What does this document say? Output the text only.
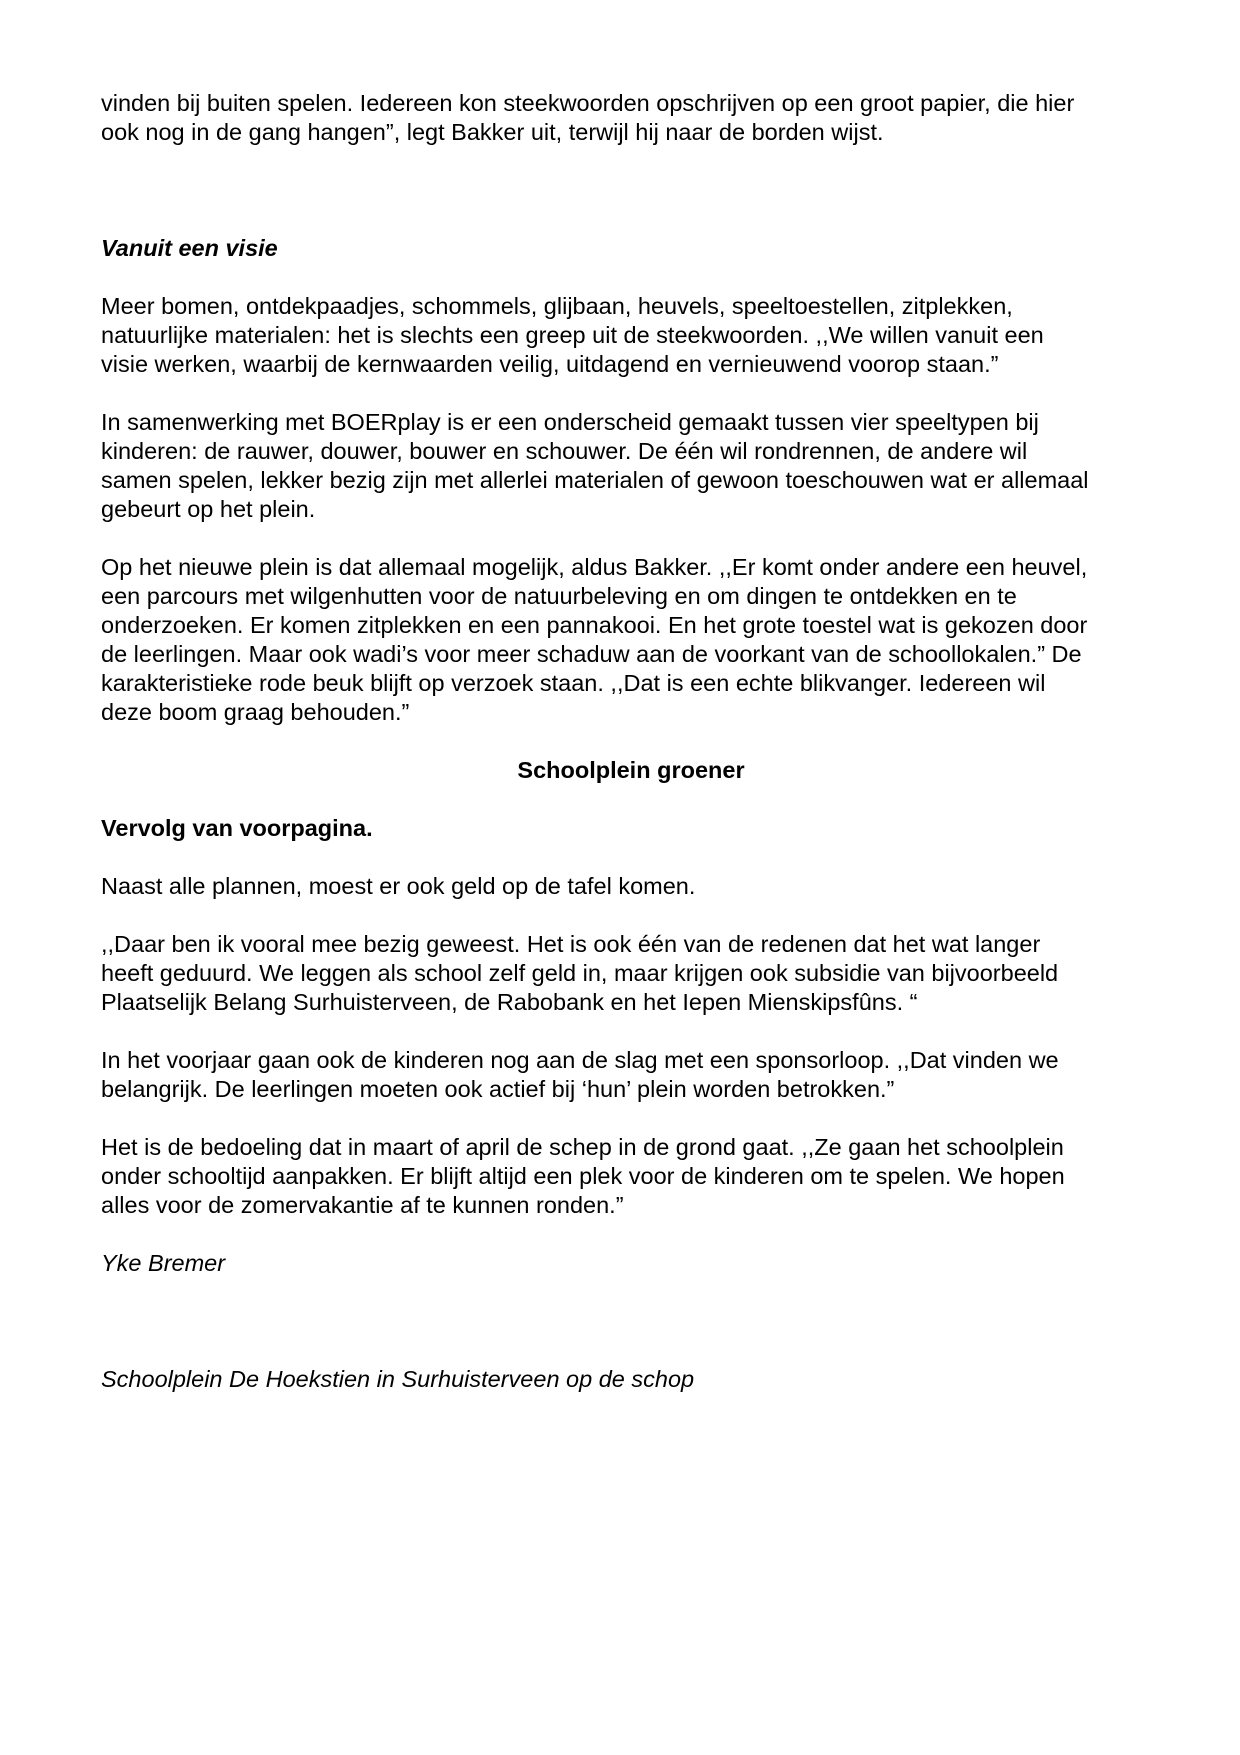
vinden bij buiten spelen. Iedereen kon steekwoorden opschrijven op een groot papier, die hier
ook nog in de gang hangen”, legt Bakker uit, terwijl hij naar de borden wijst.

Vanuit een visie

Meer bomen, ontdekpaadjes, schommels, glijbaan, heuvels, speeltoestellen, zitplekken,
natuurlijke materialen: het is slechts een greep uit de steekwoorden. ,,We willen vanuit een
visie werken, waarbij de kernwaarden veilig, uitdagend en vernieuwend voorop staan.”

In samenwerking met BOERplay is er een onderscheid gemaakt tussen vier speeltypen bij
kinderen: de rauwer, douwer, bouwer en schouwer. De één wil rondrennen, de andere wil
samen spelen, lekker bezig zijn met allerlei materialen of gewoon toeschouwen wat er allemaal
gebeurt op het plein.

Op het nieuwe plein is dat allemaal mogelijk, aldus Bakker. ,,Er komt onder andere een heuvel,
een parcours met wilgenhutten voor de natuurbeleving en om dingen te ontdekken en te
onderzoeken. Er komen zitplekken en een pannakooi. En het grote toestel wat is gekozen door
de leerlingen. Maar ook wadi’s voor meer schaduw aan de voorkant van de schoollokalen.” De
karakteristieke rode beuk blijft op verzoek staan. ,,Dat is een echte blikvanger. Iedereen wil
deze boom graag behouden.”

Schoolplein groener
Vervolg van voorpagina.

Naast alle plannen, moest er ook geld op de tafel komen.

,,Daar ben ik vooral mee bezig geweest. Het is ook één van de redenen dat het wat langer
heeft geduurd. We leggen als school zelf geld in, maar krijgen ook subsidie van bijvoorbeeld
Plaatselijk Belang Surhuisterveen, de Rabobank en het Iepen Mienskipsfûns. “

In het voorjaar gaan ook de kinderen nog aan de slag met een sponsorloop. ,,Dat vinden we
belangrijk. De leerlingen moeten ook actief bij ‘hun’ plein worden betrokken.”

Het is de bedoeling dat in maart of april de schep in de grond gaat. ,,Ze gaan het schoolplein
onder schooltijd aanpakken. Er blijft altijd een plek voor de kinderen om te spelen. We hopen
alles voor de zomervakantie af te kunnen ronden.”

Yke Bremer

Schoolplein De Hoekstien in Surhuisterveen op de schop
